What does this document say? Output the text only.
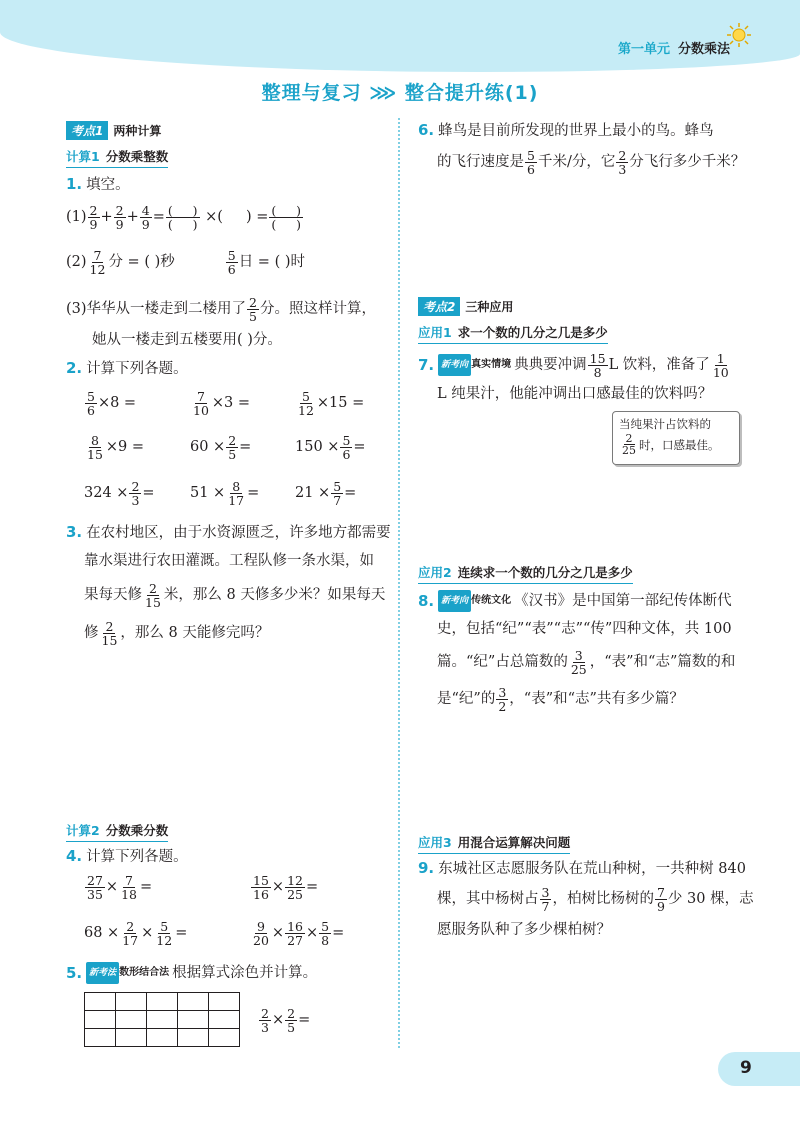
第一单元 分数乘法
整理与复习 ⋙ 整合提升练(1)
考点1 两种计算
计算1 分数乘整数
1. 填空。
$(1) \frac{2}{9} + \frac{2}{9} + \frac{4}{9} = \frac{( )}{( )}$ ×(     ) = $\frac{( )}{( )}$
$(2) \frac{7}{12}$ 分 = ( )秒	$\frac{5}{6}$ 日 = ( )时
(3)华华从一楼走到二楼用了 $\frac{2}{5}$ 分。照这样计算，
她从一楼走到五楼要用( )分。
2. 计算下列各题。
$\frac{5}{6} \times 8$ =	$\frac{7}{10} \times 3$ =	$\frac{5}{12} \times 15$ =
$\frac{8}{15} \times 9$ =	$60 \times \frac{2}{5}$ =	$150 \times \frac{5}{6}$ =
$324 \times \frac{2}{3} = 51 \times \frac{8}{17} = 21 \times \frac{5}{7}$ =
3. 在农村地区，由于水资源匮乏，许多地方都需要
靠水渠进行农田灌溉。工程队修一条水渠，如
果每天修 $\frac{2}{15}$ 米，那么 8 天修多少米？如果每天
修 $\frac{2}{15}$ ，那么 8 天能修完吗？
计算2 分数乘分数
4. 计算下列各题。
$\frac{27}{35} \times \frac{7}{18}$ =	$\frac{15}{16} \times \frac{12}{25}$ =
$68 \times \frac{2}{17} \times \frac{5}{12}$ =	$\frac{9}{20} \times \frac{16}{27} \times \frac{5}{8}$ =
5. 新考法 数形结合法 根据算式涂色并计算。

$\frac{2}{3} \times \frac{2}{5}$ =
6. 蜂鸟是目前所发现的世界上最小的鸟。蜂鸟
的飞行速度是 $\frac{5}{6}$ 千米/分，它 $\frac{2}{3}$ 分飞行多少千米？
考点2 三种应用
应用1 求一个数的几分之几是多少
7. 新考向 真实情境 典典要冲调 $\frac{15}{8}$ L 饮料，准备了 $\frac{1}{10}$
L 纯果汁，他能冲调出口感最佳的饮料吗？
当纯果汁占饮料的
$\frac{2}{25}$ 时，口感最佳。
应用2 连续求一个数的几分之几是多少
8. 新考向 传统文化 《汉书》是中国第一部纪传体断代
史，包括“纪”“表”“志”“传”四种文体，共 100
篇。“纪”占总篇数的 $\frac{3}{25}$ ，“表”和“志”篇数的和
是“纪”的 $\frac{3}{2}$ ，“表”和“志”共有多少篇？
应用3 用混合运算解决问题
9. 东城社区志愿服务队在荒山种树，一共种树 840
棵，其中杨树占 $\frac{3}{7}$ ，柏树比杨树的 $\frac{7}{9}$ 少 30 棵，志
愿服务队种了多少棵柏树？
9
